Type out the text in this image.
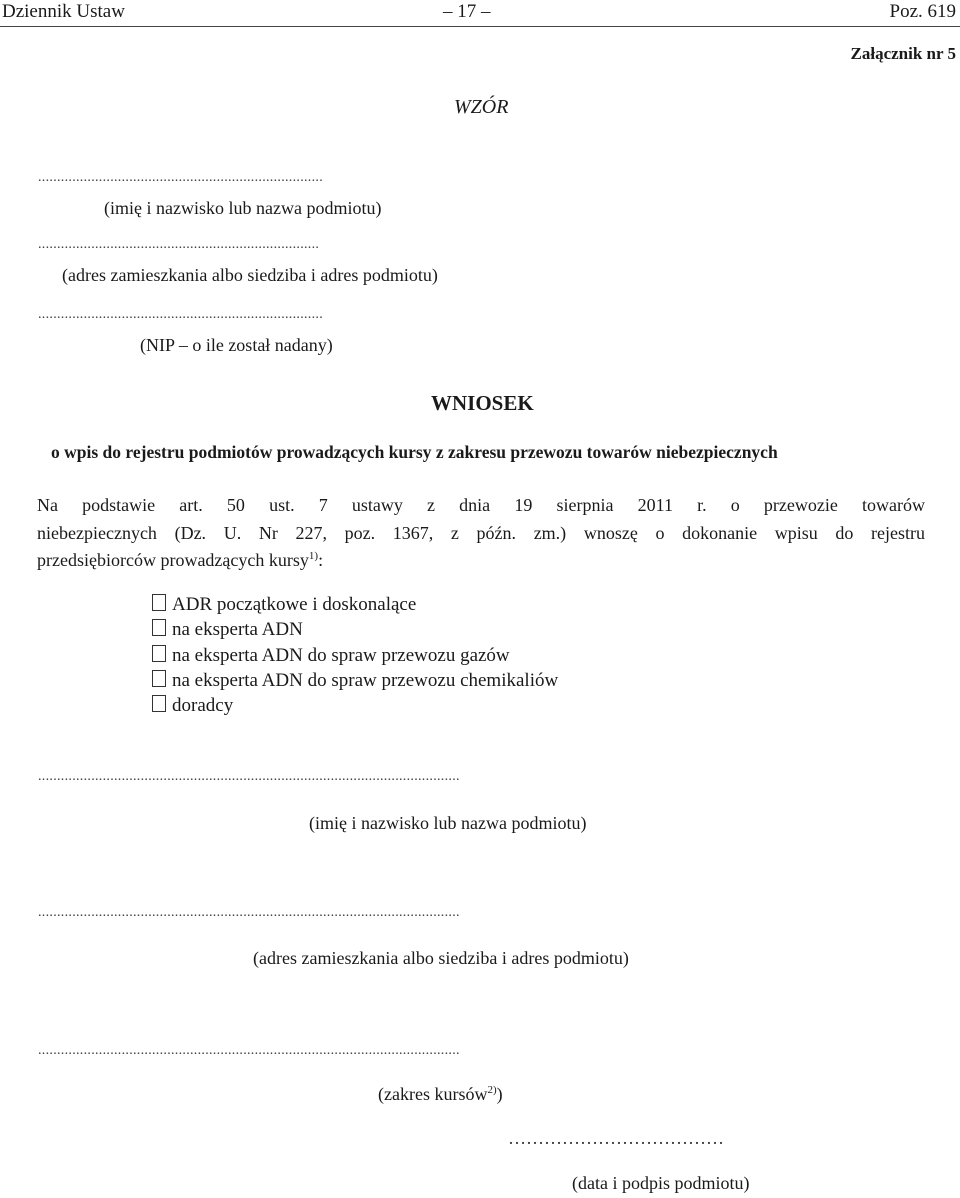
Dziennik Ustaw	– 17 –	Poz. 619
Załącznik nr 5
WZÓR
...........................................................................
(imię i nazwisko lub nazwa podmiotu)
..........................................................................
(adres zamieszkania albo siedziba i adres podmiotu)
...........................................................................
(NIP – o ile został nadany)
WNIOSEK
o wpis do rejestru podmiotów prowadzących kursy z zakresu przewozu towarów niebezpiecznych
Na podstawie art. 50 ust. 7 ustawy z dnia 19 sierpnia 2011 r. o przewozie towarów
niebezpiecznych (Dz. U. Nr 227, poz. 1367, z późn. zm.) wnoszę o dokonanie wpisu do rejestru
przedsiębiorców prowadzących kursy$^{1)}$:
ADR początkowe i doskonalące
na eksperta ADN
na eksperta ADN do spraw przewozu gazów
na eksperta ADN do spraw przewozu chemikaliów
doradcy
...............................................................................................................
(imię i nazwisko lub nazwa podmiotu)
...............................................................................................................
(adres zamieszkania albo siedziba i adres podmiotu)
...............................................................................................................
(zakres kursów$^{2)}$)
………………………………
(data i podpis podmiotu)
